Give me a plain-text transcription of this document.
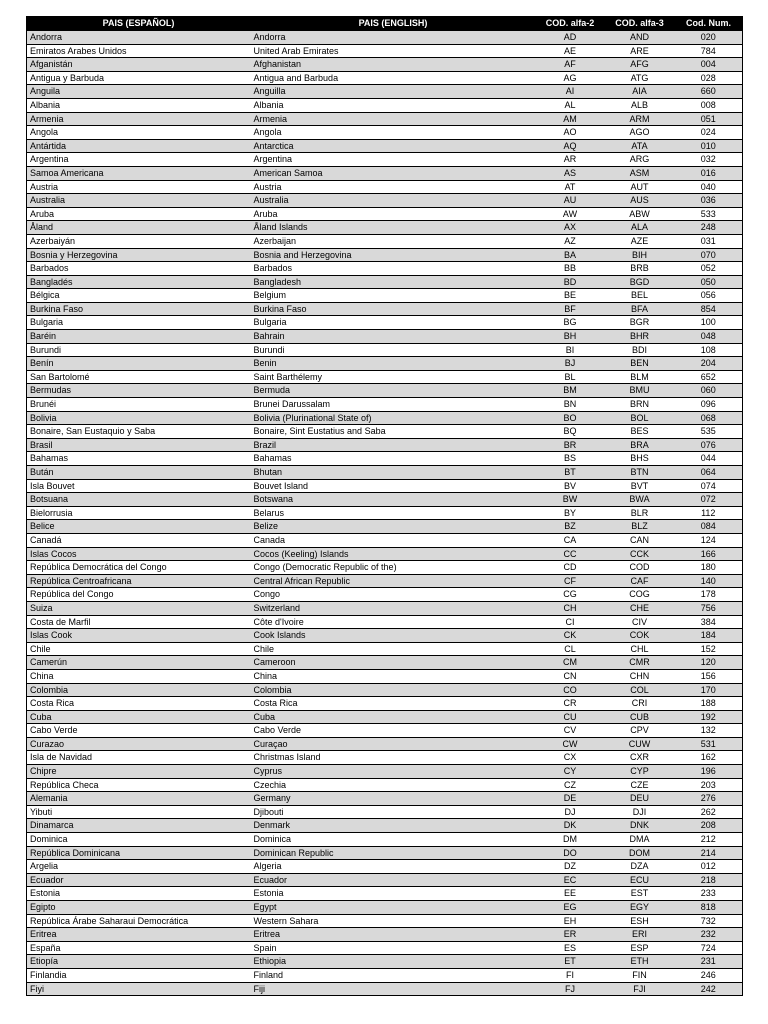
PAIS (ESPAÑOL)	PAIS (ENGLISH)	COD. alfa-2	COD. alfa-3	Cod. Num.
Andorra	Andorra	AD	AND	020
Emiratos Arabes Unidos	United Arab Emirates	AE	ARE	784
Afganistán	Afghanistan	AF	AFG	004
Antigua y Barbuda	Antigua and Barbuda	AG	ATG	028
Anguila	Anguilla	AI	AIA	660
Albania	Albania	AL	ALB	008
Armenia	Armenia	AM	ARM	051
Angola	Angola	AO	AGO	024
Antártida	Antarctica	AQ	ATA	010
Argentina	Argentina	AR	ARG	032
Samoa Americana	American Samoa	AS	ASM	016
Austria	Austria	AT	AUT	040
Australia	Australia	AU	AUS	036
Aruba	Aruba	AW	ABW	533
Åland	Åland Islands	AX	ALA	248
Azerbaiyán	Azerbaijan	AZ	AZE	031
Bosnia y Herzegovina	Bosnia and Herzegovina	BA	BIH	070
Barbados	Barbados	BB	BRB	052
Bangladés	Bangladesh	BD	BGD	050
Bélgica	Belgium	BE	BEL	056
Burkina Faso	Burkina Faso	BF	BFA	854
Bulgaria	Bulgaria	BG	BGR	100
Baréin	Bahrain	BH	BHR	048
Burundi	Burundi	BI	BDI	108
Benín	Benin	BJ	BEN	204
San Bartolomé	Saint Barthélemy	BL	BLM	652
Bermudas	Bermuda	BM	BMU	060
Brunéi	Brunei Darussalam	BN	BRN	096
Bolivia	Bolivia (Plurinational State of)	BO	BOL	068
Bonaire, San Eustaquio y Saba	Bonaire, Sint Eustatius and Saba	BQ	BES	535
Brasil	Brazil	BR	BRA	076
Bahamas	Bahamas	BS	BHS	044
Bután	Bhutan	BT	BTN	064
Isla Bouvet	Bouvet Island	BV	BVT	074
Botsuana	Botswana	BW	BWA	072
Bielorrusia	Belarus	BY	BLR	112
Belice	Belize	BZ	BLZ	084
Canadá	Canada	CA	CAN	124
Islas Cocos	Cocos (Keeling) Islands	CC	CCK	166
República Democrática del Congo	Congo (Democratic Republic of the)	CD	COD	180
República Centroafricana	Central African Republic	CF	CAF	140
República del Congo	Congo	CG	COG	178
Suiza	Switzerland	CH	CHE	756
Costa de Marfil	Côte d'Ivoire	CI	CIV	384
Islas Cook	Cook Islands	CK	COK	184
Chile	Chile	CL	CHL	152
Camerún	Cameroon	CM	CMR	120
China	China	CN	CHN	156
Colombia	Colombia	CO	COL	170
Costa Rica	Costa Rica	CR	CRI	188
Cuba	Cuba	CU	CUB	192
Cabo Verde	Cabo Verde	CV	CPV	132
Curazao	Curaçao	CW	CUW	531
Isla de Navidad	Christmas Island	CX	CXR	162
Chipre	Cyprus	CY	CYP	196
República Checa	Czechia	CZ	CZE	203
Alemania	Germany	DE	DEU	276
Yibuti	Djibouti	DJ	DJI	262
Dinamarca	Denmark	DK	DNK	208
Dominica	Dominica	DM	DMA	212
República Dominicana	Dominican Republic	DO	DOM	214
Argelia	Algeria	DZ	DZA	012
Ecuador	Ecuador	EC	ECU	218
Estonia	Estonia	EE	EST	233
Egipto	Egypt	EG	EGY	818
República Árabe Saharaui Democrática	Western Sahara	EH	ESH	732
Eritrea	Eritrea	ER	ERI	232
España	Spain	ES	ESP	724
Etiopía	Ethiopia	ET	ETH	231
Finlandia	Finland	FI	FIN	246
Fiyi	Fiji	FJ	FJI	242
